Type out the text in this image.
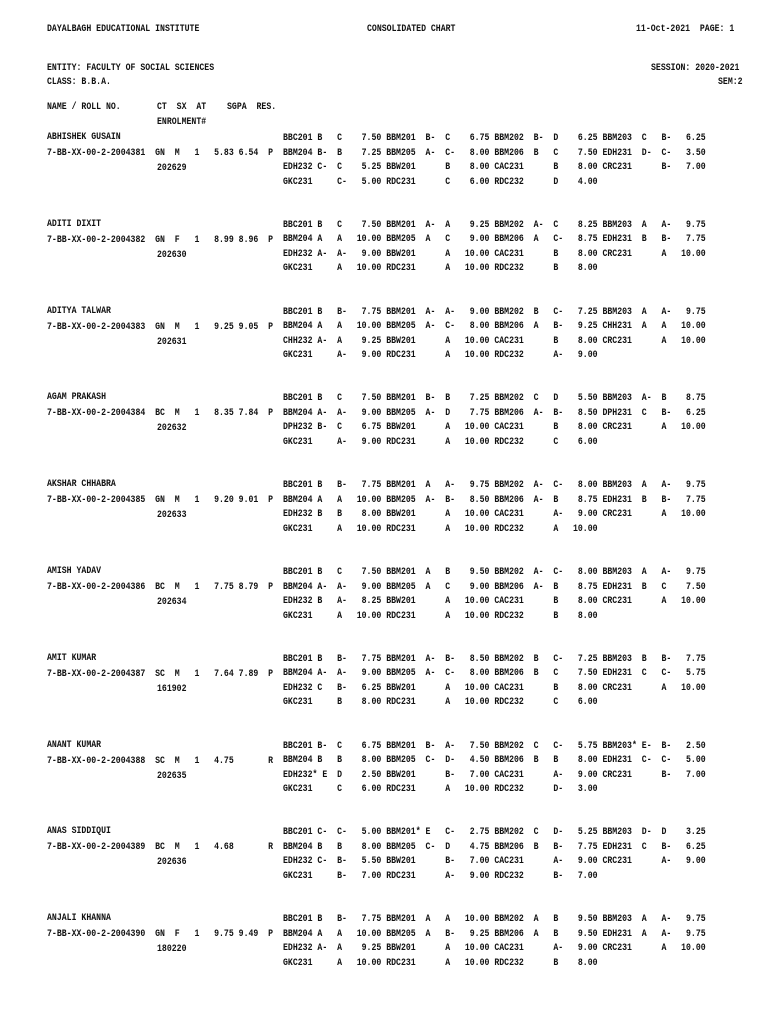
DAYALBAGH EDUCATIONAL INSTITUTE	CONSOLIDATED CHART	11-Oct-2021  PAGE: 1
ENTITY: FACULTY OF SOCIAL SCIENCES	SESSION: 2020-2021
CLASS: B.B.A.	SEM:2
NAME / ROLL NO.	CT  SX  AT SGPA  RES.
ENROLMENT#
ABHISHEK GUSAIN
7-BB-XX-00-2-2004381  GN  M   1   5.83 6.54  P
202629
BBC201 B   C    7.50 BBM201  B-  C    6.75 BBM202  B-  D    6.25 BBM203  C   B-   6.25
BBM204 B-  B    7.25 BBM205  A-  C-   8.00 BBM206  B   C    7.50 EDH231  D-  C-   3.50
EDH232 C-  C    5.25 BBW201      B    8.00 CAC231      B    8.00 CRC231      B-   7.00
GKC231     C-   5.00 RDC231      C    6.00 RDC232      D    4.00
ADITI DIXIT
7-BB-XX-00-2-2004382  GN  F   1   8.99 8.96  P
202630
BBC201 B   C    7.50 BBM201  A-  A    9.25 BBM202  A-  C    8.25 BBM203  A   A-   9.75
BBM204 A   A   10.00 BBM205  A   C    9.00 BBM206  A   C-   8.75 EDH231  B   B-   7.75
EDH232 A-  A-   9.00 BBW201      A   10.00 CAC231      B    8.00 CRC231      A   10.00
GKC231     A   10.00 RDC231      A   10.00 RDC232      B    8.00
ADITYA TALWAR
7-BB-XX-00-2-2004383  GN  M   1   9.25 9.05  P
202631
BBC201 B   B-   7.75 BBM201  A-  A-   9.00 BBM202  B   C-   7.25 BBM203  A   A-   9.75
BBM204 A   A   10.00 BBM205  A-  C-   8.00 BBM206  A   B-   9.25 CHH231  A   A   10.00
CHH232 A-  A    9.25 BBW201      A   10.00 CAC231      B    8.00 CRC231      A   10.00
GKC231     A-   9.00 RDC231      A   10.00 RDC232      A-   9.00
AGAM PRAKASH
7-BB-XX-00-2-2004384  BC  M   1   8.35 7.84  P
202632
BBC201 B   C    7.50 BBM201  B-  B    7.25 BBM202  C   D    5.50 BBM203  A-  B    8.75
BBM204 A-  A-   9.00 BBM205  A-  D    7.75 BBM206  A-  B-   8.50 DPH231  C   B-   6.25
DPH232 B-  C    6.75 BBW201      A   10.00 CAC231      B    8.00 CRC231      A   10.00
GKC231     A-   9.00 RDC231      A   10.00 RDC232      C    6.00
AKSHAR CHHABRA
7-BB-XX-00-2-2004385  GN  M   1   9.20 9.01  P
202633
BBC201 B   B-   7.75 BBM201  A   A-   9.75 BBM202  A-  C-   8.00 BBM203  A   A-   9.75
BBM204 A   A   10.00 BBM205  A-  B-   8.50 BBM206  A-  B    8.75 EDH231  B   B-   7.75
EDH232 B   B    8.00 BBW201      A   10.00 CAC231      A-   9.00 CRC231      A   10.00
GKC231     A   10.00 RDC231      A   10.00 RDC232      A   10.00
AMISH YADAV
7-BB-XX-00-2-2004386  BC  M   1   7.75 8.79  P
202634
BBC201 B   C    7.50 BBM201  A   B    9.50 BBM202  A-  C-   8.00 BBM203  A   A-   9.75
BBM204 A-  A-   9.00 BBM205  A   C    9.00 BBM206  A-  B    8.75 EDH231  B   C    7.50
EDH232 B   A-   8.25 BBW201      A   10.00 CAC231      B    8.00 CRC231      A   10.00
GKC231     A   10.00 RDC231      A   10.00 RDC232      B    8.00
AMIT KUMAR
7-BB-XX-00-2-2004387  SC  M   1   7.64 7.89  P
161902
BBC201 B   B-   7.75 BBM201  A-  B-   8.50 BBM202  B   C-   7.25 BBM203  B   B-   7.75
BBM204 A-  A-   9.00 BBM205  A-  C-   8.00 BBM206  B   C    7.50 EDH231  C   C-   5.75
EDH232 C   B-   6.25 BBW201      A   10.00 CAC231      B    8.00 CRC231      A   10.00
GKC231     B    8.00 RDC231      A   10.00 RDC232      C    6.00
ANANT KUMAR
7-BB-XX-00-2-2004388  SC  M   1   4.75       R
202635
BBC201 B-  C    6.75 BBM201  B-  A-   7.50 BBM202  C   C-   5.75 BBM203* E-  B-   2.50
BBM204 B   B    8.00 BBM205  C-  D-   4.50 BBM206  B   B    8.00 EDH231  C-  C-   5.00
EDH232* E  D    2.50 BBW201      B-   7.00 CAC231      A-   9.00 CRC231      B-   7.00
GKC231     C    6.00 RDC231      A   10.00 RDC232      D-   3.00
ANAS SIDDIQUI
7-BB-XX-00-2-2004389  BC  M   1   4.68       R
202636
BBC201 C-  C-   5.00 BBM201* E   C-   2.75 BBM202  C   D-   5.25 BBM203  D-  D    3.25
BBM204 B   B    8.00 BBM205  C-  D    4.75 BBM206  B   B-   7.75 EDH231  C   B-   6.25
EDH232 C-  B-   5.50 BBW201      B-   7.00 CAC231      A-   9.00 CRC231      A-   9.00
GKC231     B-   7.00 RDC231      A-   9.00 RDC232      B-   7.00
ANJALI KHANNA
7-BB-XX-00-2-2004390  GN  F   1   9.75 9.49  P
180220
BBC201 B   B-   7.75 BBM201  A   A   10.00 BBM202  A   B    9.50 BBM203  A   A-   9.75
BBM204 A   A   10.00 BBM205  A   B-   9.25 BBM206  A   B    9.50 EDH231  A   A-   9.75
EDH232 A-  A    9.25 BBW201      A   10.00 CAC231      A-   9.00 CRC231      A   10.00
GKC231     A   10.00 RDC231      A   10.00 RDC232      B    8.00
